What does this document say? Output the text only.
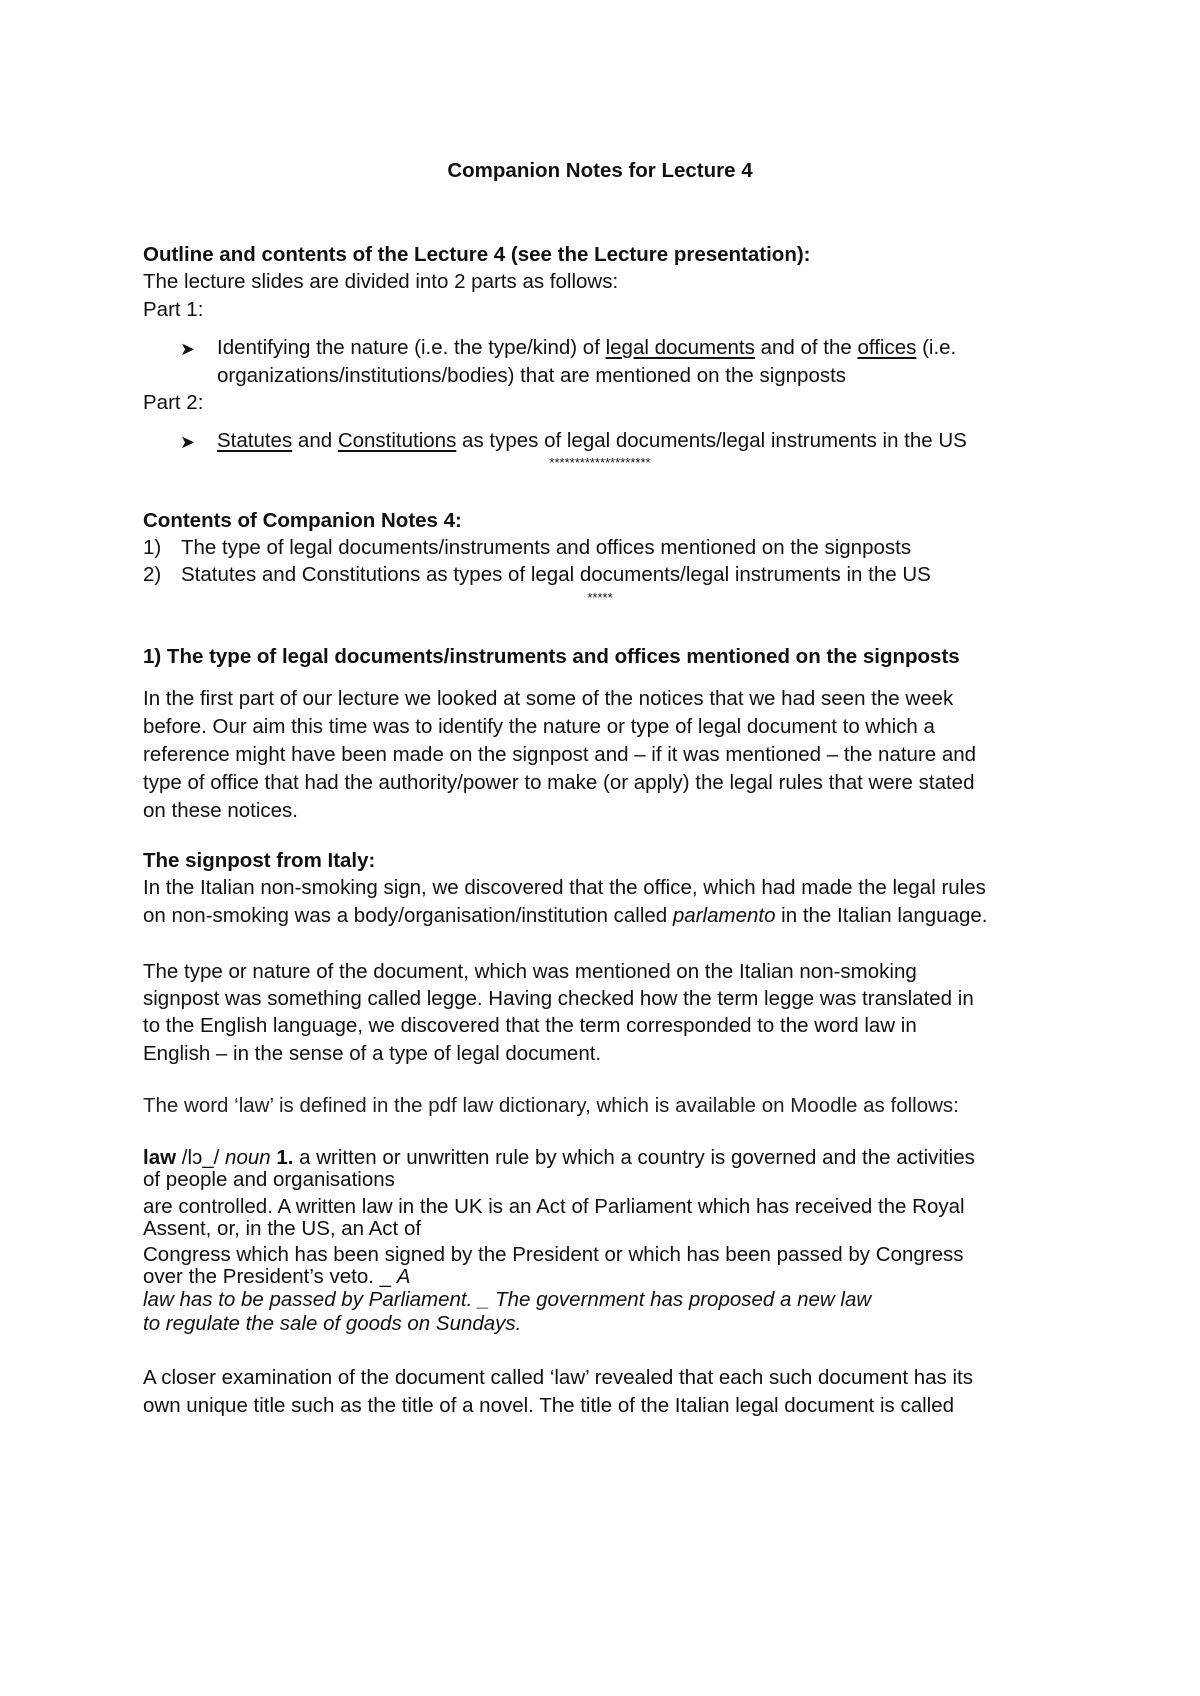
Companion Notes for Lecture 4

Outline and contents of the Lecture 4 (see the Lecture presentation):

The lecture slides are divided into 2 parts as follows:

Part 1:

➤ Identifying the nature (i.e. the type/kind) of legal documents and of the offices (i.e.

organizations/institutions/bodies) that are mentioned on the signposts

Part 2:

➤ Statutes and Constitutions as types of legal documents/legal instruments in the US

********************

Contents of Companion Notes 4:

1) The type of legal documents/instruments and offices mentioned on the signposts

2) Statutes and Constitutions as types of legal documents/legal instruments in the US

*****

1) The type of legal documents/instruments and offices mentioned on the signposts

In the first part of our lecture we looked at some of the notices that we had seen the week

before. Our aim this time was to identify the nature or type of legal document to which a

reference might have been made on the signpost and – if it was mentioned – the nature and

type of office that had the authority/power to make (or apply) the legal rules that were stated

on these notices.

The signpost from Italy:

In the Italian non-smoking sign, we discovered that the office, which had made the legal rules

on non-smoking was a body/organisation/institution called parlamento in the Italian language.

The type or nature of the document, which was mentioned on the Italian non-smoking

signpost was something called legge. Having checked how the term legge was translated in

to the English language, we discovered that the term corresponded to the word law in

English – in the sense of a type of legal document.

The word ‘law’ is defined in the pdf law dictionary, which is available on Moodle as follows:

law /lɔ_/ noun 1. a written or unwritten rule by which a country is governed and the activities

of people and organisations

are controlled. A written law in the UK is an Act of Parliament which has received the Royal

Assent, or, in the US, an Act of

Congress which has been signed by the President or which has been passed by Congress

over the President’s veto. _ A

law has to be passed by Parliament. _ The government has proposed a new law

to regulate the sale of goods on Sundays.

A closer examination of the document called ‘law’ revealed that each such document has its

own unique title such as the title of a novel. The title of the Italian legal document is called
